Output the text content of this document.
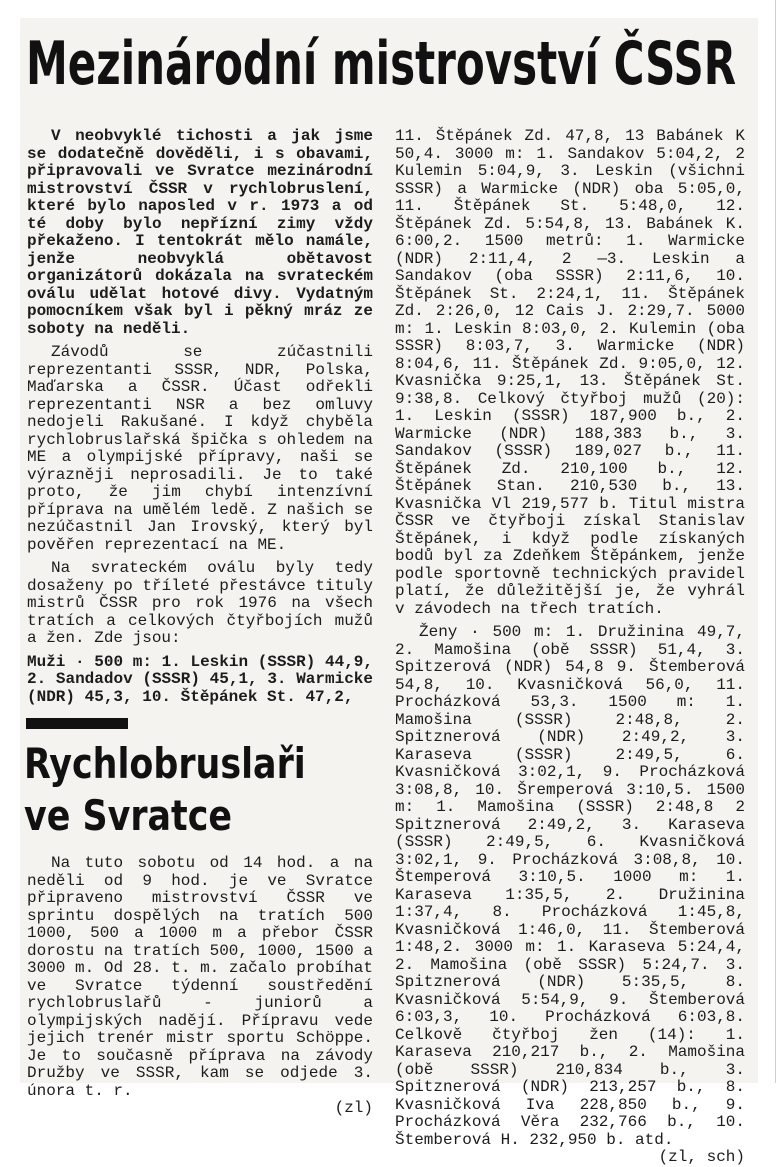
Mezinárodní mistrovství ČSSR

V neobvyklé tichosti a jak jsme se dodatečně dověděli, i s obavami, připravovali ve Svratce mezinárodní mistrovství ČSSR v rychlobruslení, které bylo naposled v r. 1973 a od té doby bylo nepřízní zimy vždy překaženo. I tentokrát mělo namále, jenže neobvyklá obětavost organizátorů dokázala na svrateckém oválu udělat hotové divy. Vydatným pomocníkem však byl i pěkný mráz ze soboty na neděli.

Závodů se zúčastnili reprezentanti SSSR, NDR, Polska, Maďarska a ČSSR. Účast odřekli reprezentanti NSR a bez omluvy nedojeli Rakušané. I když chyběla rychlobruslařská špička s ohledem na ME a olympijské přípravy, naši se výrazněji neprosadili. Je to také proto, že jim chybí intenzívní příprava na umělém ledě. Z našich se nezúčastnil Jan Irovský, který byl pověřen reprezentací na ME.

Na svrateckém oválu byly tedy dosaženy po tříleté přestávce tituly mistrů ČSSR pro rok 1976 na všech tratích a celkových čtyřbojích mužů a žen. Zde jsou:

Muži · 500 m: 1. Leskin (SSSR) 44,9, 2. Sandadov (SSSR) 45,1, 3. Warmicke (NDR) 45,3, 10. Štěpánek St. 47,2,

Rychlobruslaři
ve Svratce

Na tuto sobotu od 14 hod. a na neděli od 9 hod. je ve Svratce připraveno mistrovství ČSSR ve sprintu dospělých na tratích 500 1000, 500 a 1000 m a přebor ČSSR dorostu na tratích 500, 1000, 1500 a 3000 m. Od 28. t. m. začalo probíhat ve Svratce týdenní soustředění rychlobruslařů - juniorů a olympijských nadějí. Přípravu vede jejich trenér mistr sportu Schöppe. Je to současně příprava na závody Družby ve SSSR, kam se odjede 3. února t. r.

(zl)

11. Štěpánek Zd. 47,8, 13 Babánek K 50,4. 3000 m: 1. Sandakov 5:04,2, 2 Kulemin 5:04,9, 3. Leskin (všichni SSSR) a Warmicke (NDR) oba 5:05,0, 11. Štěpánek St. 5:48,0, 12. Štěpánek Zd. 5:54,8, 13. Babánek K. 6:00,2. 1500 metrů: 1. Warmicke (NDR) 2:11,4, 2 —3. Leskin a Sandakov (oba SSSR) 2:11,6, 10. Štěpánek St. 2:24,1, 11. Štěpánek Zd. 2:26,0, 12 Cais J. 2:29,7. 5000 m: 1. Leskin 8:03,0, 2. Kulemin (oba SSSR) 8:03,7, 3. Warmicke (NDR) 8:04,6, 11. Štěpánek Zd. 9:05,0, 12. Kvasnička 9:25,1, 13. Štěpánek St. 9:38,8. Celkový čtyřboj mužů (20): 1. Leskin (SSSR) 187,900 b., 2. Warmicke (NDR) 188,383 b., 3. Sandakov (SSSR) 189,027 b., 11. Štěpánek Zd. 210,100 b., 12. Štěpánek Stan. 210,530 b., 13. Kvasnička Vl 219,577 b. Titul mistra ČSSR ve čtyřboji získal Stanislav Štěpánek, i když podle získaných bodů byl za Zdeňkem Štěpánkem, jenže podle sportovně technických pravidel platí, že důležitější je, že vyhrál v závodech na třech tratích.

Ženy · 500 m: 1. Družinina 49,7, 2. Mamošina (obě SSSR) 51,4, 3. Spitzerová (NDR) 54,8 9. Štemberová 54,8, 10. Kvasničková 56,0, 11. Procházková 53,3. 1500 m: 1. Mamošina (SSSR) 2:48,8, 2. Spitznerová (NDR) 2:49,2, 3. Karaseva (SSSR) 2:49,5, 6. Kvasničková 3:02,1, 9. Procházková 3:08,8, 10. Šremperová 3:10,5. 1500 m: 1. Mamošina (SSSR) 2:48,8 2 Spitznerová 2:49,2, 3. Karaseva (SSSR) 2:49,5, 6. Kvasničková 3:02,1, 9. Procházková 3:08,8, 10. Štemperová 3:10,5. 1000 m: 1. Karaseva 1:35,5, 2. Družinina 1:37,4, 8. Procházková 1:45,8, Kvasničková 1:46,0, 11. Štemberová 1:48,2. 3000 m: 1. Karaseva 5:24,4, 2. Mamošina (obě SSSR) 5:24,7. 3. Spitznerová (NDR) 5:35,5, 8. Kvasničková 5:54,9, 9. Štemberová 6:03,3, 10. Procházková 6:03,8. Celkově čtyřboj žen (14): 1. Karaseva 210,217 b., 2. Mamošina (obě SSSR) 210,834 b., 3. Spitznerová (NDR) 213,257 b., 8. Kvasničková Iva 228,850 b., 9. Procházková Věra 232,766 b., 10. Štemberová H. 232,950 b. atd.

(zl, sch)
